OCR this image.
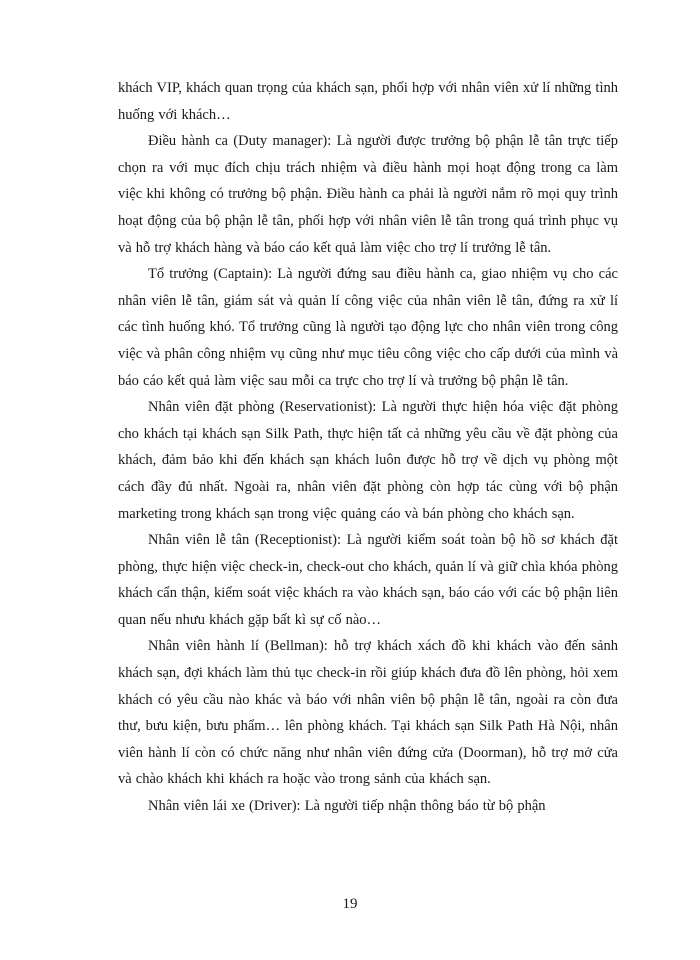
khách VIP, khách quan trọng của khách sạn, phối hợp với nhân viên xử lí những tình huống với khách…

Điều hành ca (Duty manager): Là người được trưởng bộ phận lễ tân trực tiếp chọn ra với mục đích chịu trách nhiệm và điều hành mọi hoạt động trong ca làm việc khi không có trưởng bộ phận. Điều hành ca phải là người nắm rõ mọi quy trình hoạt động của bộ phận lễ tân, phối hợp với nhân viên lễ tân trong quá trình phục vụ và hỗ trợ khách hàng và báo cáo kết quả làm việc cho trợ lí trưởng lễ tân.

Tổ trưởng (Captain): Là người đứng sau điều hành ca, giao nhiệm vụ cho các nhân viên lễ tân, giám sát và quản lí công việc của nhân viên lễ tân, đứng ra xử lí các tình huống khó. Tổ trưởng cũng là người tạo động lực cho nhân viên trong công việc và phân công nhiệm vụ cũng như mục tiêu công việc cho cấp dưới của mình và báo cáo kết quả làm việc sau mỗi ca trực cho trợ lí và trưởng bộ phận lễ tân.

Nhân viên đặt phòng (Reservationist): Là người thực hiện hóa việc đặt phòng cho khách tại khách sạn Silk Path, thực hiện tất cả những yêu cầu về đặt phòng của khách, đảm bảo khi đến khách sạn khách luôn được hỗ trợ về dịch vụ phòng một cách đầy đủ nhất. Ngoài ra, nhân viên đặt phòng còn hợp tác cùng với bộ phận marketing trong khách sạn trong việc quảng cáo và bán phòng cho khách sạn.

Nhân viên lễ tân (Receptionist): Là người kiểm soát toàn bộ hồ sơ khách đặt phòng, thực hiện việc check-in, check-out cho khách, quản lí và giữ chìa khóa phòng khách cẩn thận, kiểm soát việc khách ra vào khách sạn, báo cáo với các bộ phận liên quan nếu nhưu khách gặp bất kì sự cố nào…

Nhân viên hành lí (Bellman): hỗ trợ khách xách đồ khi khách vào đến sảnh khách sạn, đợi khách làm thủ tục check-in rồi giúp khách đưa đồ lên phòng, hỏi xem khách có yêu cầu nào khác và báo với nhân viên bộ phận lễ tân, ngoài ra còn đưa thư, bưu kiện, bưu phẩm… lên phòng khách. Tại khách sạn Silk Path Hà Nội, nhân viên hành lí còn có chức năng như nhân viên đứng cửa (Doorman), hỗ trợ mở cửa và chào khách khi khách ra hoặc vào trong sảnh của khách sạn.

Nhân viên lái xe (Driver): Là người tiếp nhận thông báo từ bộ phận

19
